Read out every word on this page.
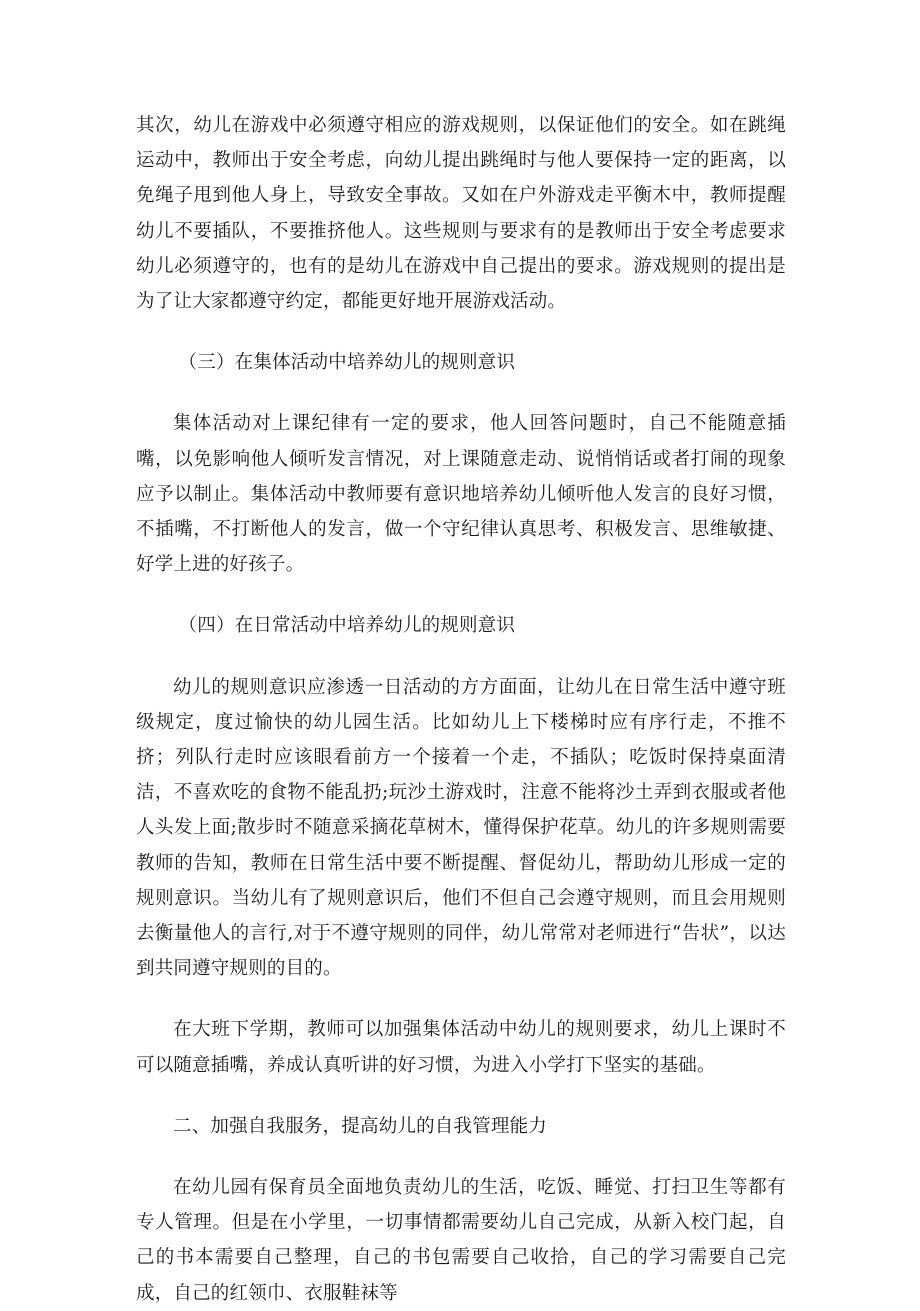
其次，幼儿在游戏中必须遵守相应的游戏规则，以保证他们的安全。如在跳绳运动中，教师出于安全考虑，向幼儿提出跳绳时与他人要保持一定的距离，以免绳子甩到他人身上，导致安全事故。又如在户外游戏走平衡木中，教师提醒幼儿不要插队，不要推挤他人。这些规则与要求有的是教师出于安全考虑要求幼儿必须遵守的，也有的是幼儿在游戏中自己提出的要求。游戏规则的提出是为了让大家都遵守约定，都能更好地开展游戏活动。

（三）在集体活动中培养幼儿的规则意识

集体活动对上课纪律有一定的要求，他人回答问题时，自己不能随意插嘴，以免影响他人倾听发言情况，对上课随意走动、说悄悄话或者打闹的现象应予以制止。集体活动中教师要有意识地培养幼儿倾听他人发言的良好习惯，不插嘴，不打断他人的发言，做一个守纪律认真思考、积极发言、思维敏捷、好学上进的好孩子。

（四）在日常活动中培养幼儿的规则意识

幼儿的规则意识应渗透一日活动的方方面面，让幼儿在日常生活中遵守班级规定，度过愉快的幼儿园生活。比如幼儿上下楼梯时应有序行走，不推不挤；列队行走时应该眼看前方一个接着一个走，不插队；吃饭时保持桌面清洁，不喜欢吃的食物不能乱扔;玩沙土游戏时，注意不能将沙土弄到衣服或者他人头发上面;散步时不随意采摘花草树木，懂得保护花草。幼儿的许多规则需要教师的告知，教师在日常生活中要不断提醒、督促幼儿，帮助幼儿形成一定的规则意识。当幼儿有了规则意识后，他们不但自己会遵守规则，而且会用规则去衡量他人的言行,对于不遵守规则的同伴，幼儿常常对老师进行“告状”，以达到共同遵守规则的目的。

在大班下学期，教师可以加强集体活动中幼儿的规则要求，幼儿上课时不可以随意插嘴，养成认真听讲的好习惯，为进入小学打下坚实的基础。

二、加强自我服务，提高幼儿的自我管理能力

在幼儿园有保育员全面地负责幼儿的生活，吃饭、睡觉、打扫卫生等都有专人管理。但是在小学里，一切事情都需要幼儿自己完成，从新入校门起，自己的书本需要自己整理，自己的书包需要自己收拾，自己的学习需要自己完成，自己的红领巾、衣服鞋袜等
